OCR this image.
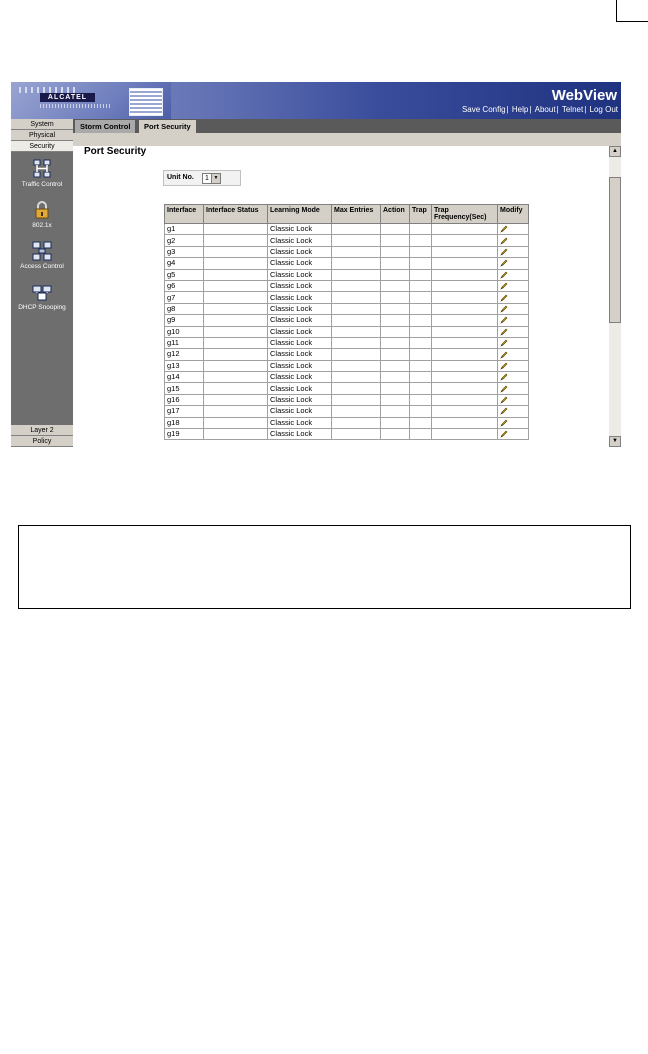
ALCATEL	WebView
Save Config| Help| About| Telnet| Log Out
System
Physical
Security
Traffic Control
802.1x
Access Control
DHCP Snooping
Layer 2
Policy
Storm Control	Port Security
Port Security
Unit No.	1 ▼
Interface	Interface Status	Learning Mode	Max Entries	Action	Trap	Trap Frequency(Sec)	Modify
g1		Classic Lock					
g2		Classic Lock					
g3		Classic Lock					
g4		Classic Lock					
g5		Classic Lock					
g6		Classic Lock					
g7		Classic Lock					
g8		Classic Lock					
g9		Classic Lock					
g10		Classic Lock					
g11		Classic Lock					
g12		Classic Lock					
g13		Classic Lock					
g14		Classic Lock					
g15		Classic Lock					
g16		Classic Lock					
g17		Classic Lock					
g18		Classic Lock					
g19		Classic Lock					
▲
▼
